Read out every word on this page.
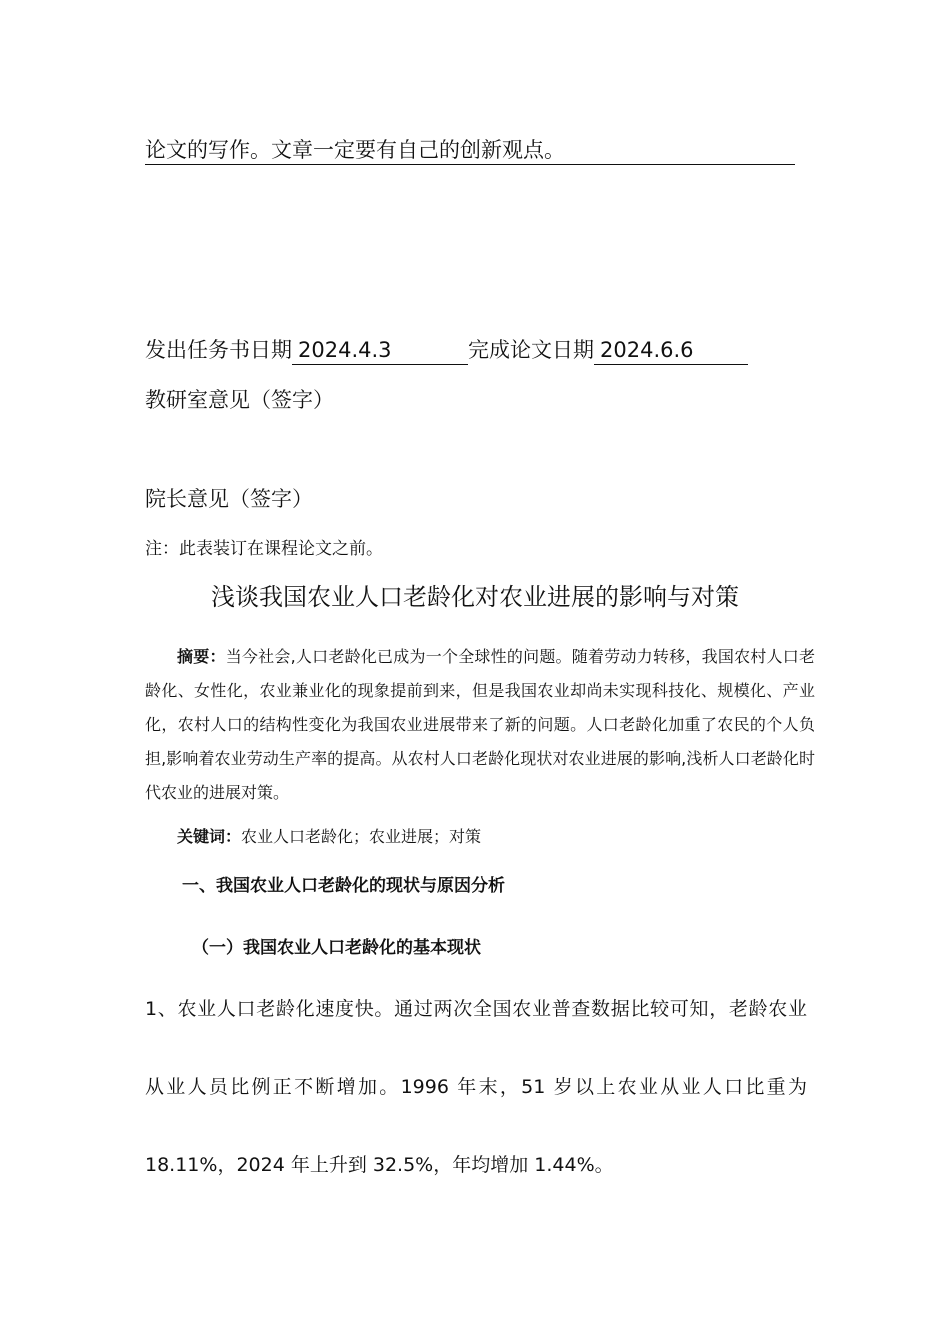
论文的写作。文章一定要有自己的创新观点。
发出任务书日期 2024.4.3	完成论文日期 2024.6.6
教研室意见（签字）
院长意见（签字）
注：此表装订在课程论文之前。
浅谈我国农业人口老龄化对农业进展的影响与对策
摘要：当今社会,人口老龄化已成为一个全球性的问题。随着劳动力转移，我国农村人口老龄化、女性化，农业兼业化的现象提前到来，但是我国农业却尚未实现科技化、规模化、产业化，农村人口的结构性变化为我国农业进展带来了新的问题。人口老龄化加重了农民的个人负担,影响着农业劳动生产率的提高。从农村人口老龄化现状对农业进展的影响,浅析人口老龄化时代农业的进展对策。
关键词：农业人口老龄化；农业进展；对策
一、我国农业人口老龄化的现状与原因分析
（一）我国农业人口老龄化的基本现状
1、农业人口老龄化速度快。通过两次全国农业普查数据比较可知，老龄农业
从业人员比例正不断增加。1996 年末，51 岁以上农业从业人口比重为
18.11%，2024 年上升到 32.5%，年均增加 1.44%。
